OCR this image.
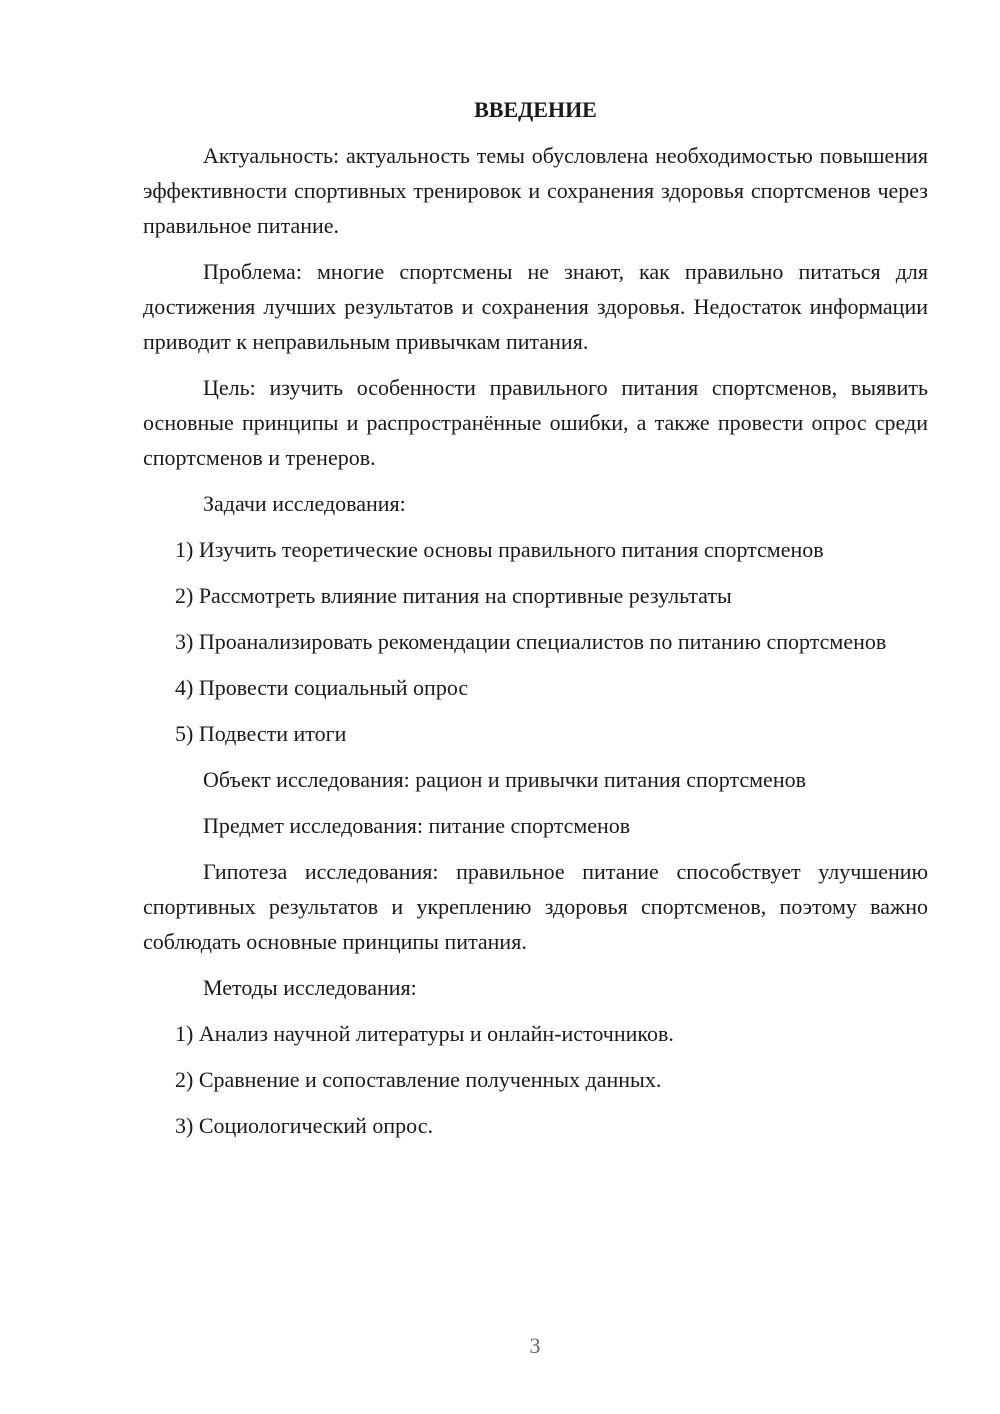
ВВЕДЕНИЕ
Актуальность: актуальность темы обусловлена необходимостью повышения эффективности спортивных тренировок и сохранения здоровья спортсменов через правильное питание.
Проблема: многие спортсмены не знают, как правильно питаться для достижения лучших результатов и сохранения здоровья. Недостаток информации приводит к неправильным привычкам питания.
Цель: изучить особенности правильного питания спортсменов, выявить основные принципы и распространённые ошибки, а также провести опрос среди спортсменов и тренеров.
Задачи исследования:
1) Изучить теоретические основы правильного питания спортсменов
2) Рассмотреть влияние питания на спортивные результаты
3) Проанализировать рекомендации специалистов по питанию спортсменов
4) Провести социальный опрос
5) Подвести итоги
Объект исследования: рацион и привычки питания спортсменов
Предмет исследования: питание спортсменов
Гипотеза исследования: правильное питание способствует улучшению спортивных результатов и укреплению здоровья спортсменов, поэтому важно соблюдать основные принципы питания.
Методы исследования:
1) Анализ научной литературы и онлайн-источников.
2) Сравнение и сопоставление полученных данных.
3) Социологический опрос.
3
